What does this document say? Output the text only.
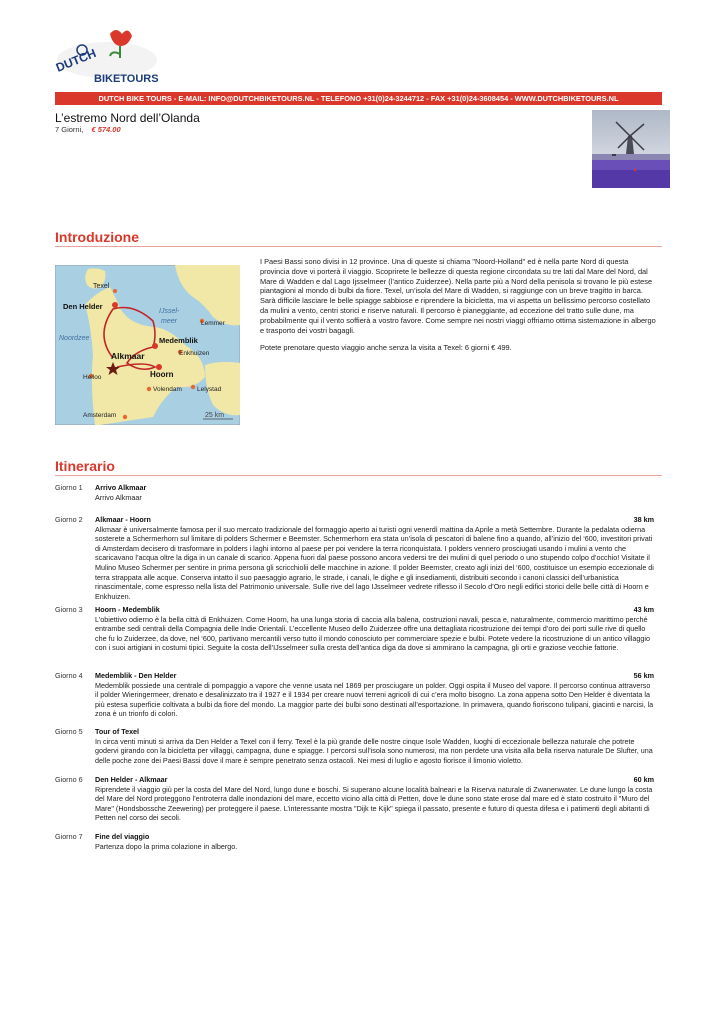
DUTCH
BIKETOURS
DUTCH BIKE TOURS - E-MAIL: INFO@DUTCHBIKETOURS.NL - TELEFONO +31(0)24-3244712 - FAX +31(0)24-3608454 - WWW.DUTCHBIKETOURS.NL
L’estremo Nord dell’Olanda
7 Giorni, € 574.00
Introduzione
Texel
Den Helder
IJssel-
meer	Lemmer
Noordzee	Medemblik
Enkhuizen
Alkmaar
Heiloo	Hoorn
Volendam Lelystad
Amsterdam	25 km

I Paesi Bassi sono divisi in 12 province. Una di queste si chiama "Noord-Holland" ed è nella parte Nord di questa provincia dove vi porterà il viaggio. Scoprirete le bellezze di questa regione circondata su tre lati dal Mare del Nord, dal Mare di Wadden e dal Lago Ijsselmeer (l’antico Zuiderzee). Nella parte più a Nord della penisola si trovano le più estese piantagioni al mondo di bulbi da fiore. Texel, un’isola del Mare di Wadden, si raggiunge con un breve tragitto in barca. Sarà difficile lasciare le belle spiagge sabbiose e riprendere la bicicletta, ma vi aspetta un bellissimo percorso costellato da mulini a vento, centri storici e riserve naturali. Il percorso è pianeggiante, ad eccezione del tratto sulle dune, ma probabilmente qui il vento soffierà a vostro favore. Come sempre nei nostri viaggi offriamo ottima sistemazione in albergo e trasporto dei vostri bagagli.

Potete prenotare questo viaggio anche senza la visita a Texel: 6 giorni € 499.

Itinerario
Giorno 1 Arrivo Alkmaar
Arrivo Alkmaar
Giorno 2 Alkmaar - Hoorn	38 km
Alkmaar è universalmente famosa per il suo mercato tradizionale del formaggio aperto ai turisti ogni venerdì mattina da Aprile a metà Settembre. Durante la pedalata odierna sosterete a Schermerhorn sul limitare di polders Schermer e Beemster. Schermerhorn era stata un’isola di pescatori di balene fino a quando, all’inizio del ‘600, investitori privati di Amsterdam decisero di trasformare in polders i laghi intorno al paese per poi vendere la terra riconquistata. I polders vennero prosciugati usando i mulini a vento che scaricavano l’acqua oltre la diga in un canale di scarico. Appena fuori dal paese possono ancora vedersi tre dei mulini di quel periodo ο uno stupendo colpo d’occhio! Visitate il Mulino Museo Schermer per sentire in prima persona gli scricchiolii delle macchine in azione. Il polder Beemster, creato agli inizi del ‘600, costituisce un esempio eccezionale di terra strappata alle acque. Conserva intatto il suo paesaggio agrario, le strade, i canali, le dighe e gli insediamenti, distribuiti secondo i canoni classici dell’urbanistica rinascimentale, come espresso nella lista del Patrimonio universale. Sulle rive del lago IJsselmeer vedrete riflesso il Secolo d’Oro negli edifici storici delle belle città di Hoorn e Enkhuizen.
Giorno 3 Hoorn - Medemblik	43 km
L’obiettivo odierno è la bella città di Enkhuizen. Come Hoorn, ha una lunga storia di caccia alla balena, costruzioni navali, pesca e, naturalmente, commercio marittimo perché entrambe sedi centrali della Compagnia delle Indie Orientali. L’eccellente Museo dello Zuiderzee offre una dettagliata ricostruzione dei tempi d’oro dei porti sulle rive di quello che fu lo Zuiderzee, da dove, nel ‘600, partivano mercantili verso tutto il mondo conosciuto per commerciare spezie e bulbi. Potete vedere la ricostruzione di un antico villaggio con i suoi artigiani in costumi tipici. Seguite la costa dell’IJsselmeer sulla cresta dell’antica diga da dove si ammirano la campagna, gli orti e graziose vecchie fattorie.
Giorno 4 Medemblik - Den Helder	56 km
Medemblik possiede una centrale di pompaggio a vapore che venne usata nel 1869 per prosciugare un polder. Oggi ospita il Museo del vapore. Il percorso continua attraverso il polder Wieringermeer, drenato e desalinizzato tra il 1927 e il 1934 per creare nuovi terreni agricoli di cui c’era molto bisogno. La zona appena sotto Den Helder è diventata la più estesa superficie coltivata a bulbi da fiore del mondo. La maggior parte dei bulbi sono destinati all’esportazione. In primavera, quando fioriscono tulipani, giacinti e narcisi, la zona è un trionfo di colori.
Giorno 5 Tour of Texel
In circa venti minuti si arriva da Den Helder a Texel con il ferry. Texel è la più grande delle nostre cinque Isole Wadden, luoghi di eccezionale bellezza naturale che potrete godervi girando con la bicicletta per villaggi, campagna, dune e spiagge. I percorsi sull’isola sono numerosi, ma non perdete una visita alla bella riserva naturale De Slufter, una delle poche zone dei Paesi Bassi dove il mare è sempre penetrato senza ostacoli. Nei mesi di luglio e agosto fiorisce il limonio violetto.
Giorno 6 Den Helder - Alkmaar	60 km
Riprendete il viaggio giù per la costa del Mare del Nord, lungo dune e boschi. Si superano alcune località balneari e la Riserva naturale di Zwanenwater. Le dune lungo la costa del Mare del Nord proteggono l’entroterra dalle inondazioni del mare, eccetto vicino alla città di Petten, dove le dune sono state erose dal mare ed è stato costruito il "Muro del Mare" (Hondsbossche Zeewering) per proteggere il paese. L’interessante mostra "Dijk te Kijk" spiega il passato, presente e futuro di questa difesa e i patimenti degli abitanti di Petten nel corso dei secoli.
Giorno 7 Fine del viaggio
Partenza dopo la prima colazione in albergo.
